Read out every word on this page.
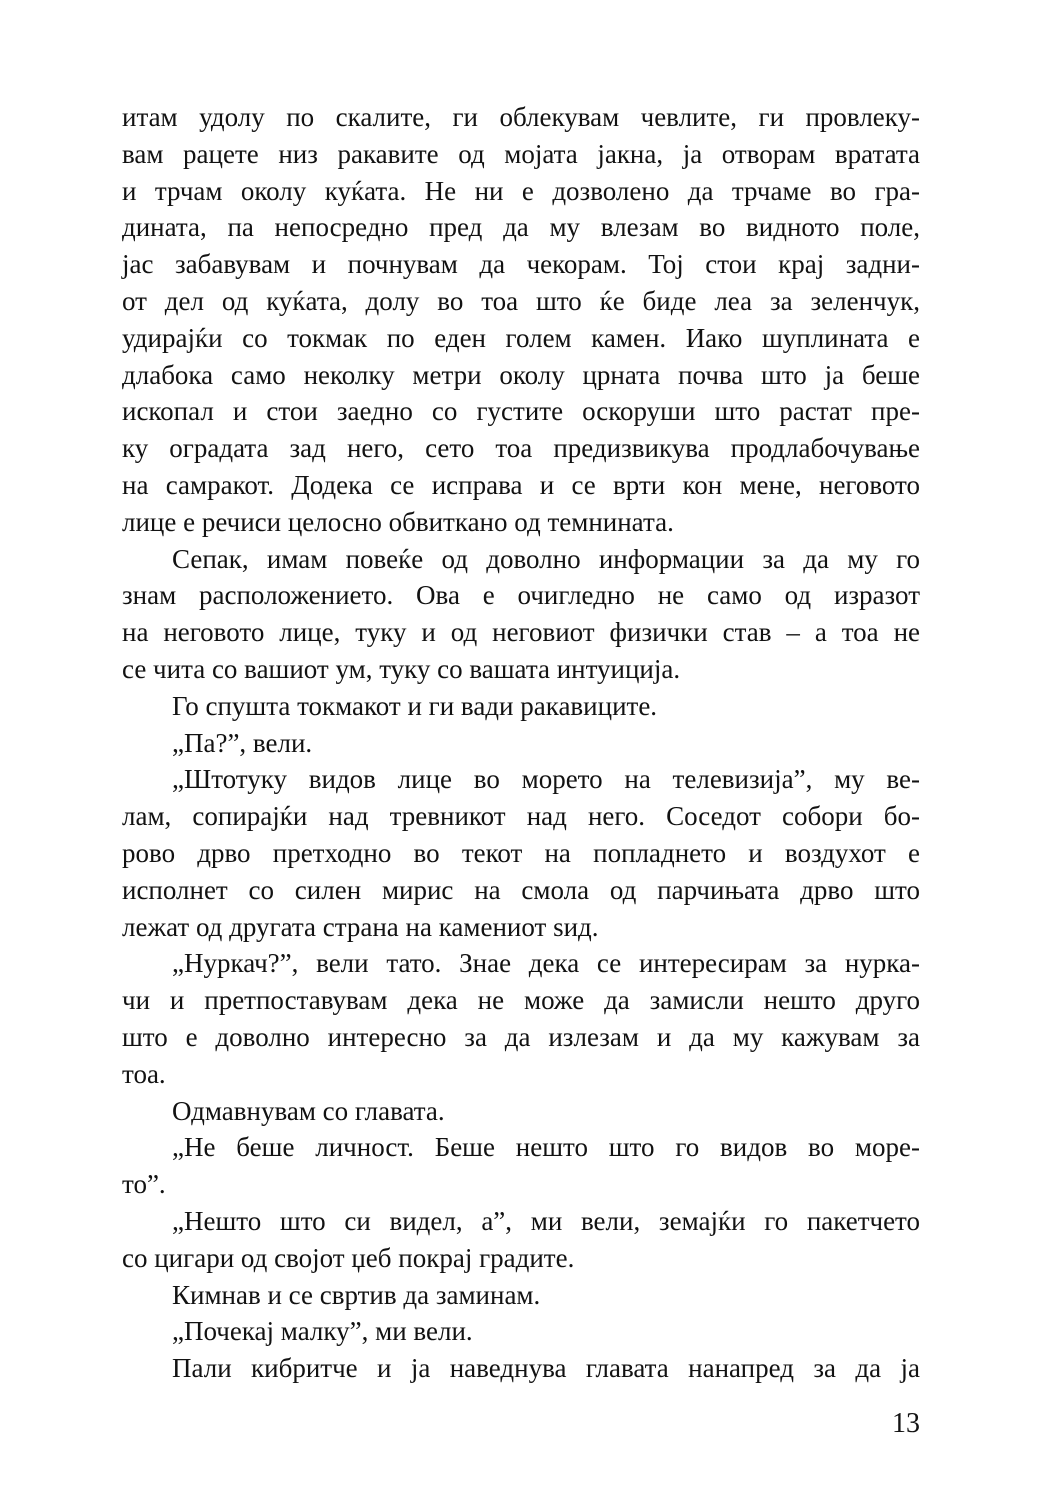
итам удолу по скалите, ги облекувам чевлите, ги провлеку-
вам рацете низ ракавите од мојата јакна, ја отворам вратата
и трчам околу куќата. Не ни е дозволено да трчаме во гра-
дината, па непосредно пред да му влезам во видното поле,
јас забавувам и почнувам да чекорам. Тој стои крај задни-
от дел од куќата, долу во тоа што ќе биде леа за зеленчук,
удирајќи со токмак по еден голем камен. Иако шуплината е
длабока само неколку метри околу црната почва што ја беше
ископал и стои заедно со густите оскоруши што растат пре-
ку оградата зад него, сето тоа предизвикува продлабочување
на самракот. Додека се исправа и се врти кон мене, неговото
лице е речиси целосно обвиткано од темнината.
Сепак, имам повеќе од доволно информации за да му го
знам расположението. Ова е очигледно не само од изразот
на неговото лице, туку и од неговиот физички став – а тоа не
се чита со вашиот ум, туку со вашата интуиција.
Го спушта токмакот и ги вади ракавиците.
„Па?”, вели.
„Штотуку видов лице во морето на телевизија”, му ве-
лам, сопирајќи над тревникот над него. Соседот собори бо-
рово дрво претходно во текот на попладнето и воздухот е
исполнет со силен мирис на смола од парчињата дрво што
лежат од другата страна на камениот ѕид.
„Нуркач?”, вели тато. Знае дека се интересирам за нурка-
чи и претпоставувам дека не може да замисли нешто друго
што е доволно интересно за да излезам и да му кажувам за
тоа.
Одмавнувам со главата.
„Не беше личност. Беше нешто што го видов во море-
то”.
„Нешто што си видел, а”, ми вели, земајќи го пакетчето
со цигари од својот џеб покрај градите.
Кимнав и се свртив да заминам.
„Почекај малку”, ми вели.
Пали кибритче и ја наведнува главата нанапред за да ја
13
